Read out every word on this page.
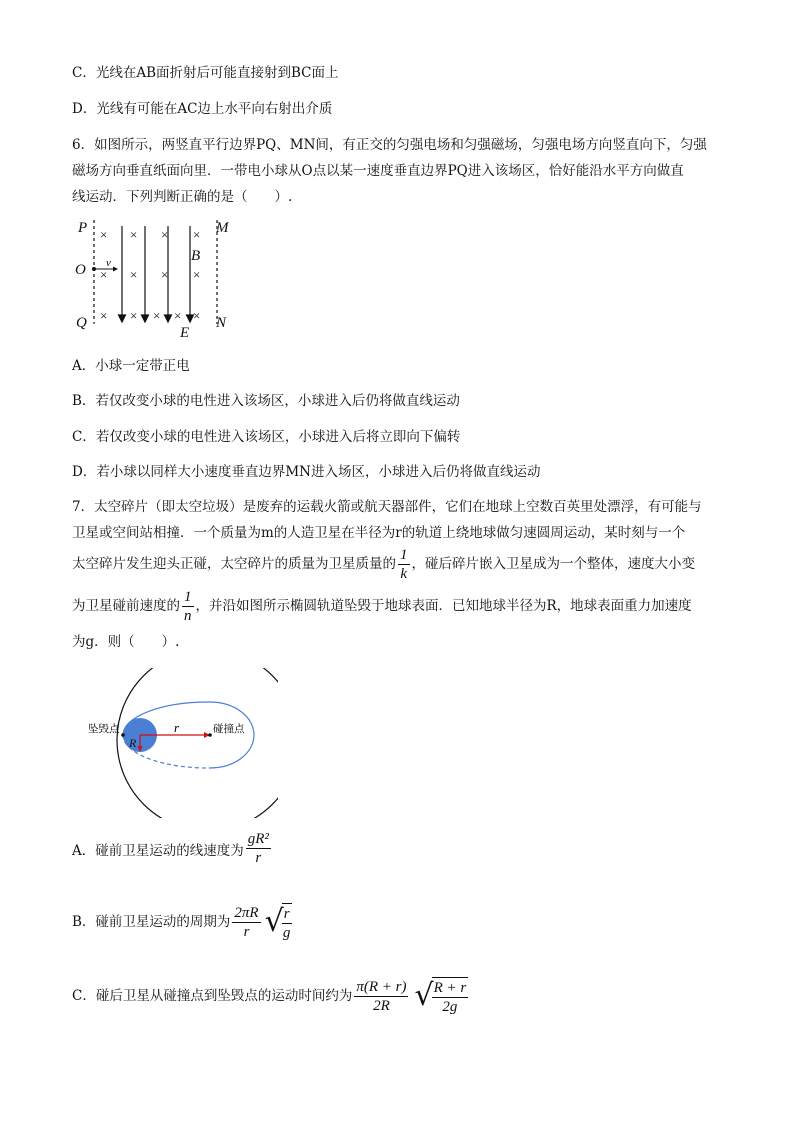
C．光线在AB面折射后可能直接射到BC面上
D．光线有可能在AC边上水平向右射出介质
6．如图所示，两竖直平行边界PQ、MN间，有正交的匀强电场和匀强磁场，匀强电场方向竖直向下，匀强
磁场方向垂直纸面向里．一带电小球从O点以某一速度垂直边界PQ进入该场区，恰好能沿水平方向做直
线运动．下列判断正确的是（　　）.
× × × ×
× × × ×
× × × × ×
v
P
O
Q
M
N
B
E
A．小球一定带正电
B．若仅改变小球的电性进入该场区，小球进入后仍将做直线运动
C．若仅改变小球的电性进入该场区，小球进入后将立即向下偏转
D．若小球以同样大小速度垂直边界MN进入场区，小球进入后仍将做直线运动
7．太空碎片（即太空垃圾）是废弃的运载火箭或航天器部件，它们在地球上空数百英里处漂浮，有可能与
卫星或空间站相撞．一个质量为m的人造卫星在半径为r的轨道上绕地球做匀速圆周运动，某时刻与一个
太空碎片发生迎头正碰，太空碎片的质量为卫星质量的 $\frac{1}{k}$ ，碰后碎片嵌入卫星成为一个整体，速度大小变
为卫星碰前速度的 $\frac{1}{n}$ ，并沿如图所示椭圆轨道坠毁于地球表面．已知地球半径为R，地球表面重力加速度
为g．则（　　）.
坠毁点	碰撞点
r
R
A．碰前卫星运动的线速度为 $\frac{\text{gR²}}{r}$
B．碰前卫星运动的周期为 $\frac{2\pi R}{r}$ √
$\frac{r}{g}$
C．碰后卫星从碰撞点到坠毁点的运动时间约为 $\frac{\pi(R + r)}{2R}$ √
$\frac{R + r}{2g}$
